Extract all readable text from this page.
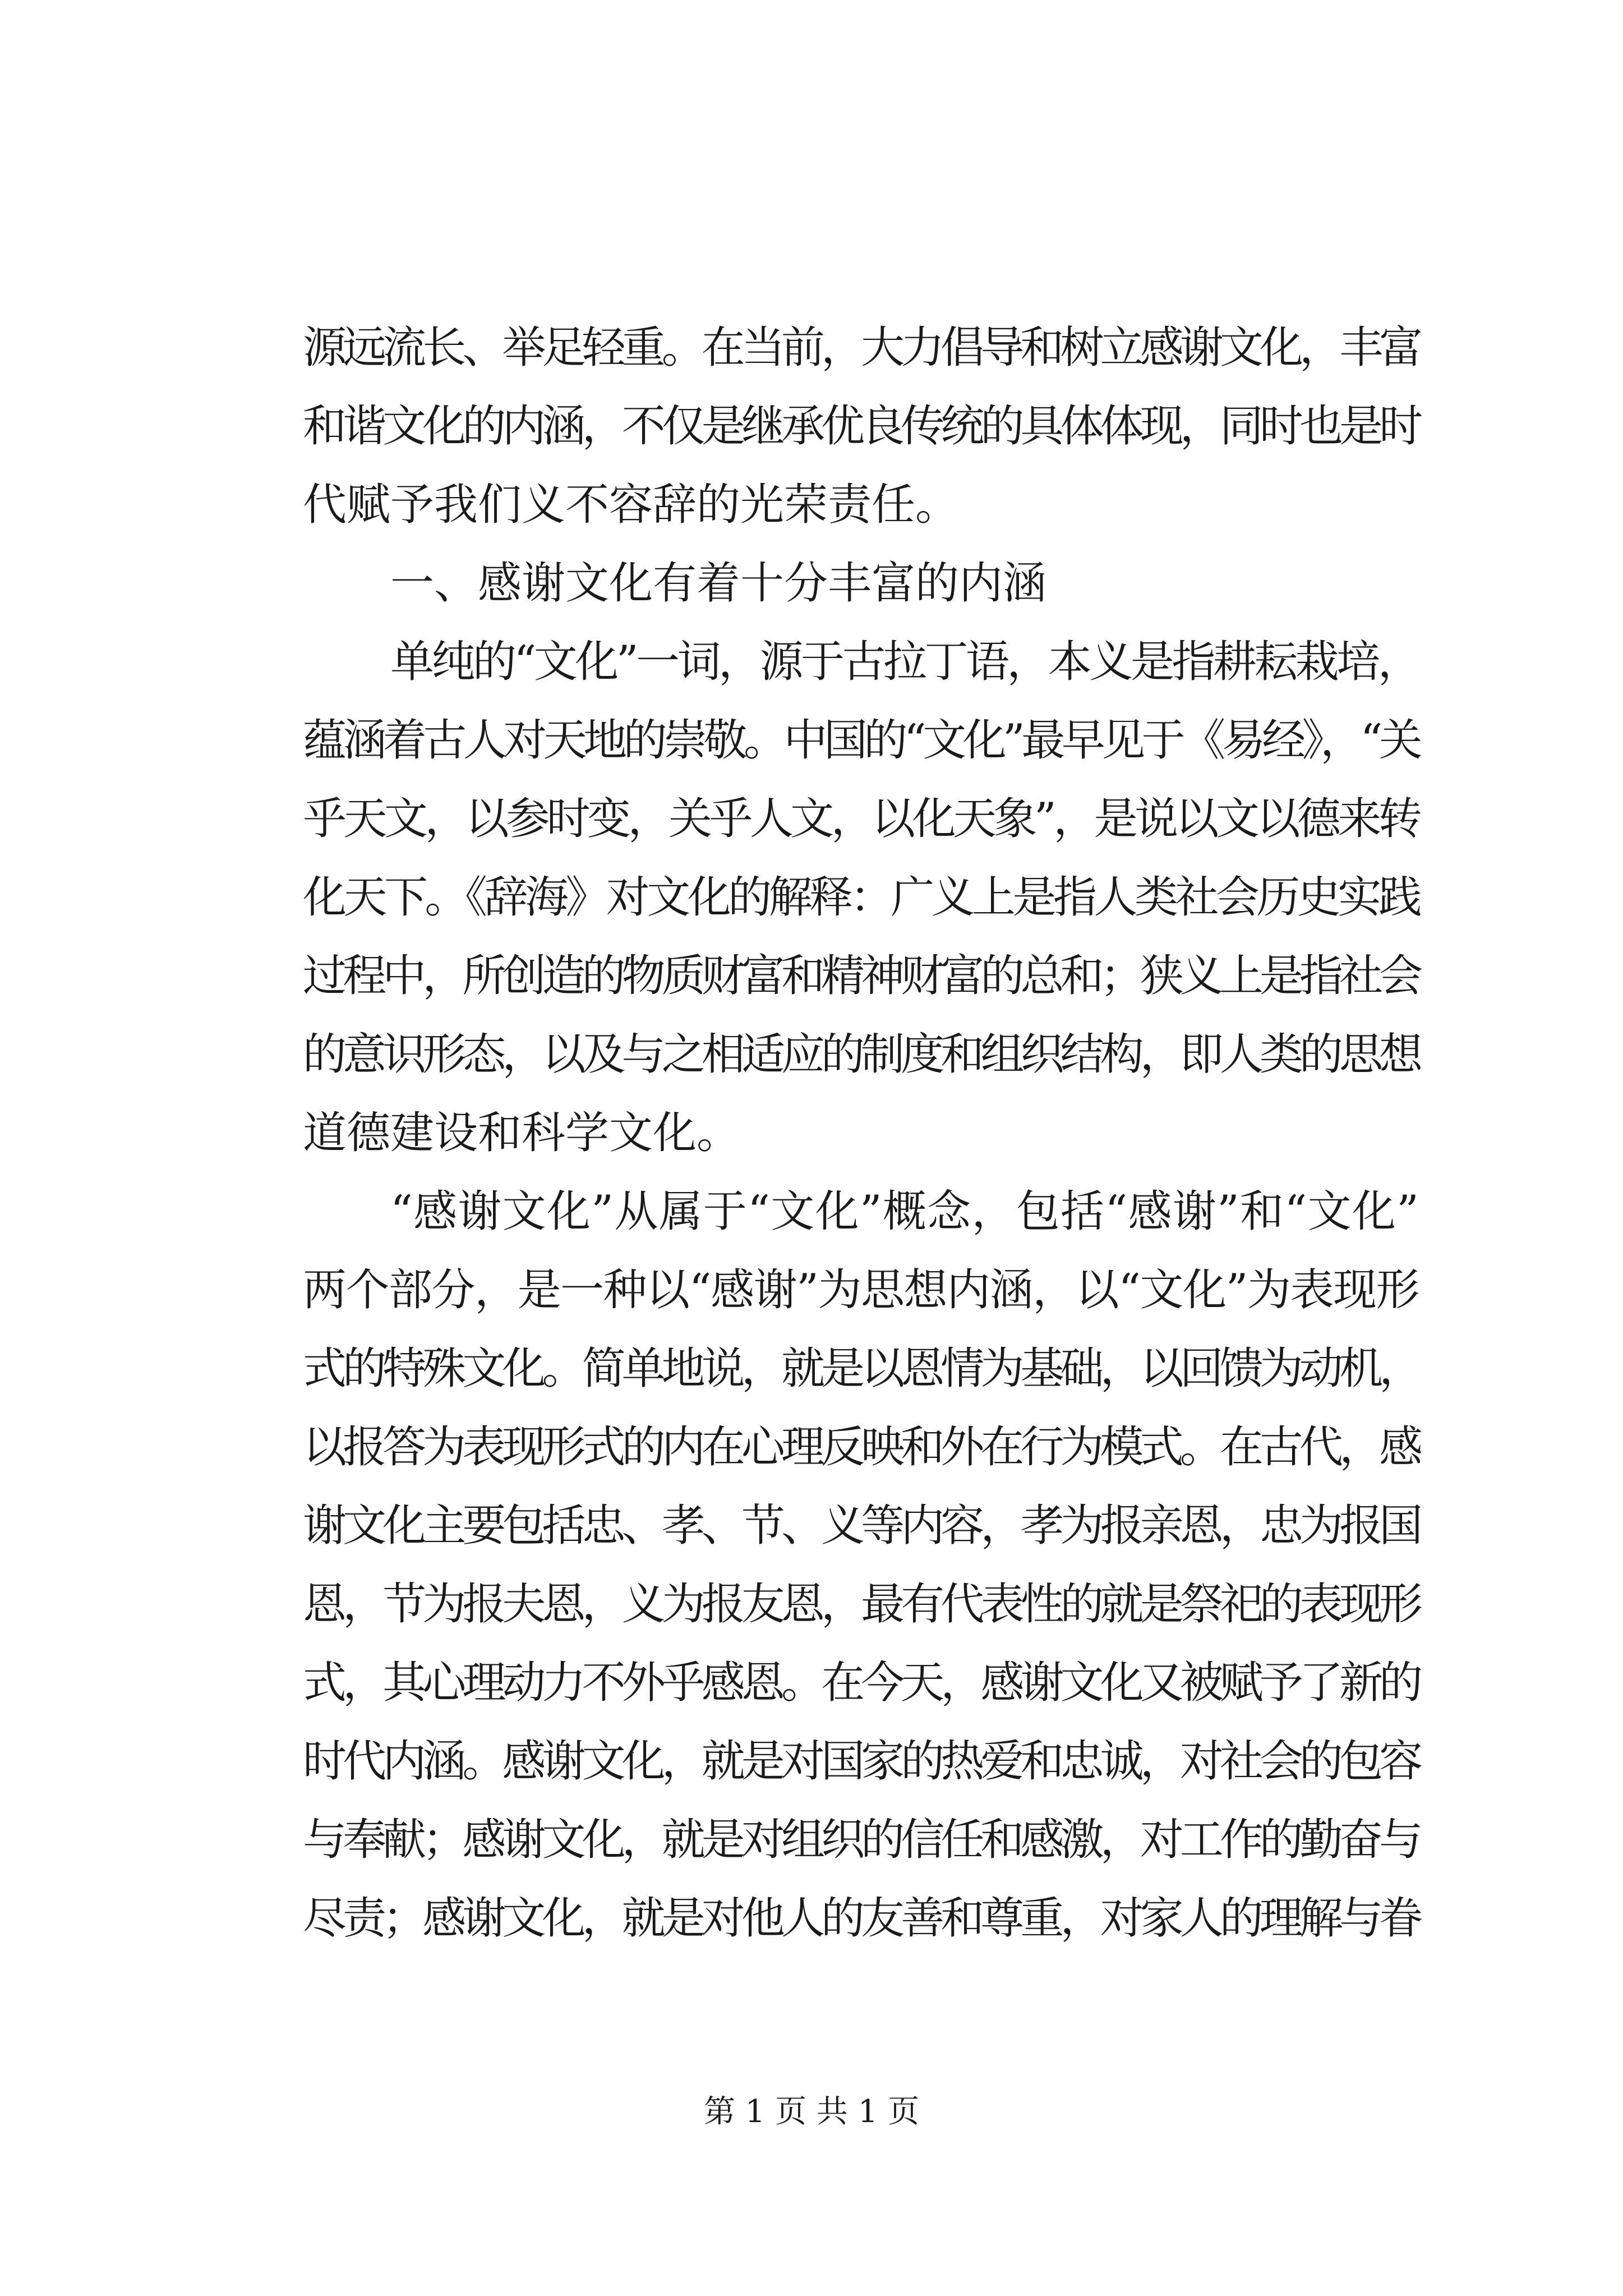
源远流长、举足轻重。在当前，大力倡导和树立感谢文化，丰富
和谐文化的内涵，不仅是继承优良传统的具体体现，同时也是时
代赋予我们义不容辞的光荣责任。
一、感谢文化有着十分丰富的内涵
单纯的“文化”一词，源于古拉丁语，本义是指耕耘栽培，
蕴涵着古人对天地的崇敬。中国的“文化”最早见于《易经》，“关
乎天文，以参时变，关乎人文，以化天象”，是说以文以德来转
化天下。《辞海》对文化的解释：广义上是指人类社会历史实践
过程中，所创造的物质财富和精神财富的总和；狭义上是指社会
的意识形态，以及与之相适应的制度和组织结构，即人类的思想
道德建设和科学文化。
“感谢文化”从属于“文化”概念，包括“感谢”和“文化”
两个部分，是一种以“感谢”为思想内涵，以“文化”为表现形
式的特殊文化。简单地说，就是以恩情为基础，以回馈为动机，
以报答为表现形式的内在心理反映和外在行为模式。在古代，感
谢文化主要包括忠、孝、节、义等内容，孝为报亲恩，忠为报国
恩，节为报夫恩，义为报友恩，最有代表性的就是祭祀的表现形
式，其心理动力不外乎感恩。在今天，感谢文化又被赋予了新的
时代内涵。感谢文化，就是对国家的热爱和忠诚，对社会的包容
与奉献；感谢文化，就是对组织的信任和感激，对工作的勤奋与
尽责；感谢文化，就是对他人的友善和尊重，对家人的理解与眷
第 1 页 共 1 页
